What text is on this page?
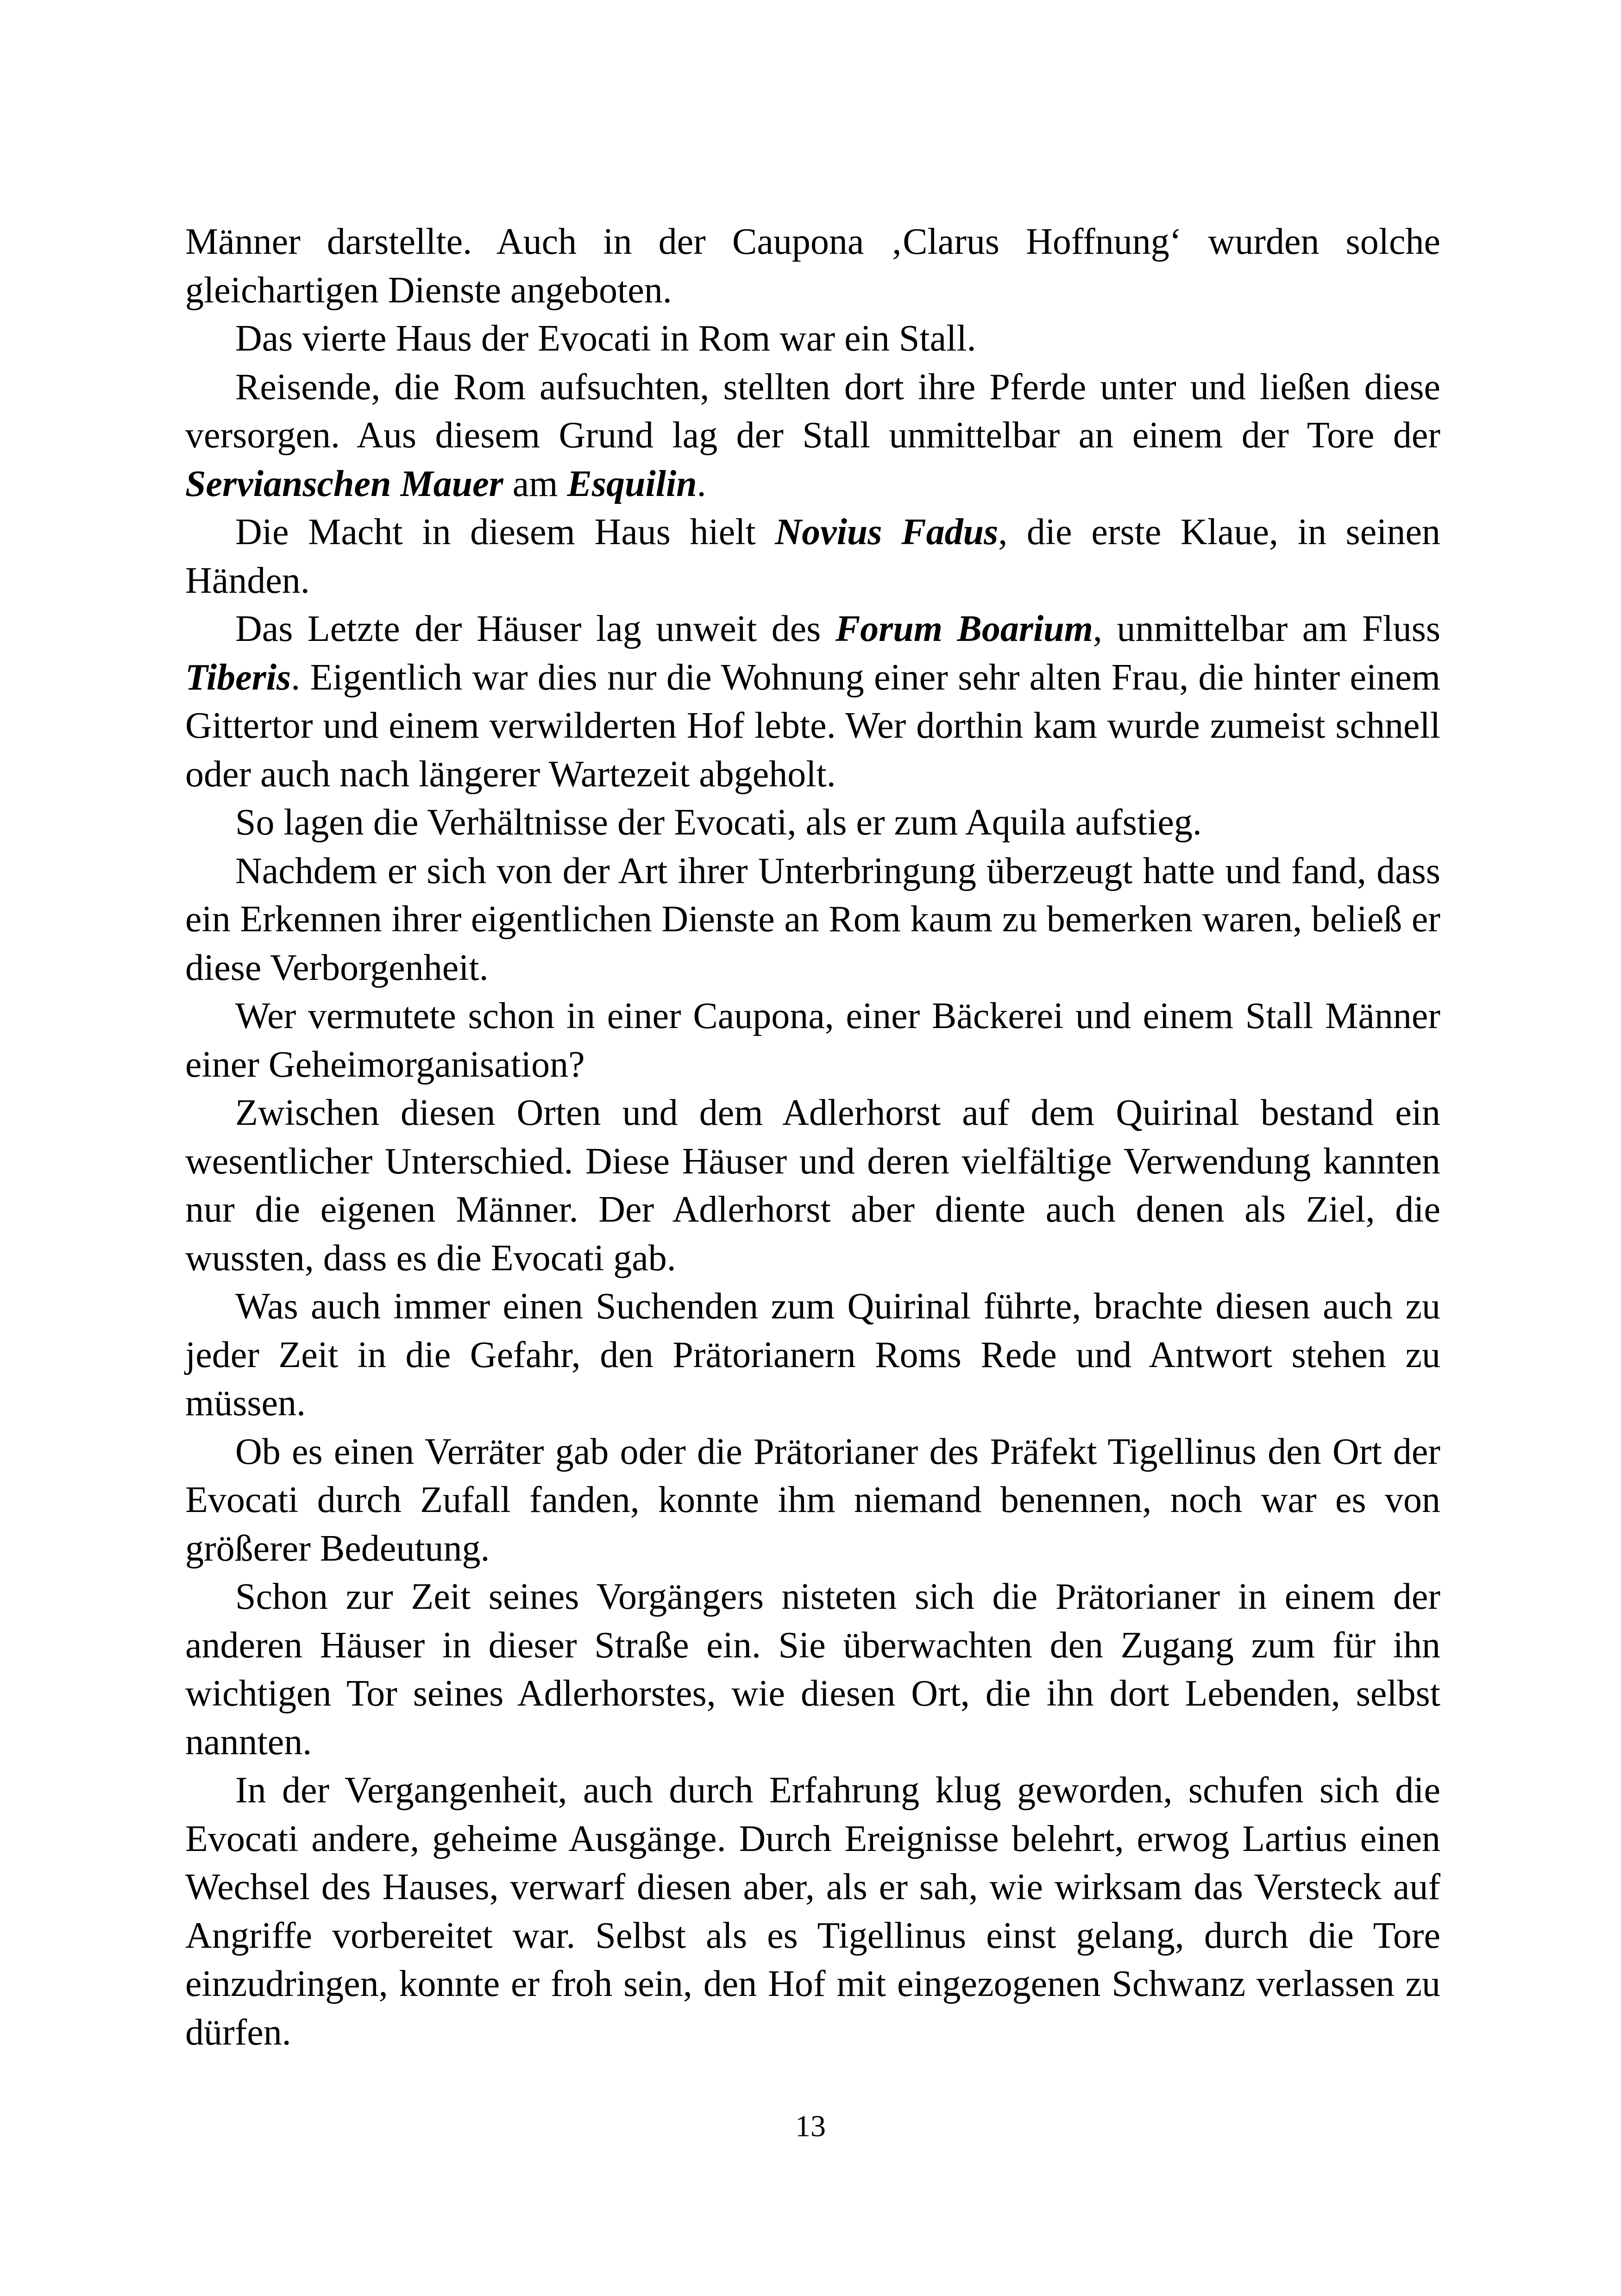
Männer darstellte. Auch in der Caupona ‚Clarus Hoffnung‘ wurden solche gleichartigen Dienste angeboten.

Das vierte Haus der Evocati in Rom war ein Stall.

Reisende, die Rom aufsuchten, stellten dort ihre Pferde unter und ließen diese versorgen. Aus diesem Grund lag der Stall unmittelbar an einem der Tore der Servianschen Mauer am Esquilin.

Die Macht in diesem Haus hielt Novius Fadus, die erste Klaue, in seinen Händen.

Das Letzte der Häuser lag unweit des Forum Boarium, unmittelbar am Fluss Tiberis. Eigentlich war dies nur die Wohnung einer sehr alten Frau, die hinter einem Gittertor und einem verwilderten Hof lebte. Wer dorthin kam wurde zumeist schnell oder auch nach längerer Wartezeit abgeholt.

So lagen die Verhältnisse der Evocati, als er zum Aquila aufstieg.

Nachdem er sich von der Art ihrer Unterbringung überzeugt hatte und fand, dass ein Erkennen ihrer eigentlichen Dienste an Rom kaum zu bemerken waren, beließ er diese Verborgenheit.

Wer vermutete schon in einer Caupona, einer Bäckerei und einem Stall Männer einer Geheimorganisation?

Zwischen diesen Orten und dem Adlerhorst auf dem Quirinal bestand ein wesentlicher Unterschied. Diese Häuser und deren vielfältige Verwendung kannten nur die eigenen Männer. Der Adlerhorst aber diente auch denen als Ziel, die wussten, dass es die Evocati gab.

Was auch immer einen Suchenden zum Quirinal führte, brachte diesen auch zu jeder Zeit in die Gefahr, den Prätorianern Roms Rede und Antwort stehen zu müssen.

Ob es einen Verräter gab oder die Prätorianer des Präfekt Tigellinus den Ort der Evocati durch Zufall fanden, konnte ihm niemand benennen, noch war es von größerer Bedeutung.

Schon zur Zeit seines Vorgängers nisteten sich die Prätorianer in einem der anderen Häuser in dieser Straße ein. Sie überwachten den Zugang zum für ihn wichtigen Tor seines Adlerhorstes, wie diesen Ort, die ihn dort Lebenden, selbst nannten.

In der Vergangenheit, auch durch Erfahrung klug geworden, schufen sich die Evocati andere, geheime Ausgänge. Durch Ereignisse belehrt, erwog Lartius einen Wechsel des Hauses, verwarf diesen aber, als er sah, wie wirksam das Versteck auf Angriffe vorbereitet war. Selbst als es Tigellinus einst gelang, durch die Tore einzudringen, konnte er froh sein, den Hof mit eingezogenen Schwanz verlassen zu dürfen.

13
